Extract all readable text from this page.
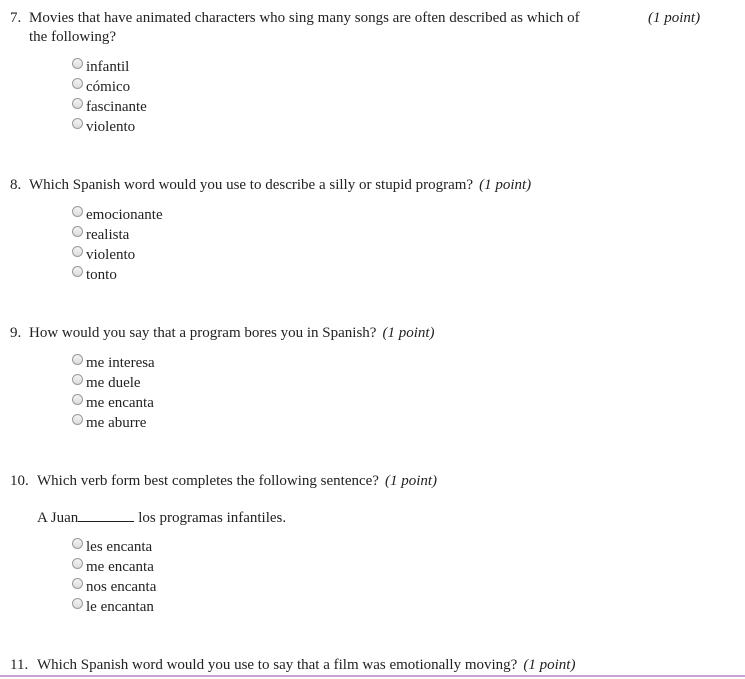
7. Movies that have animated characters who sing many songs are often described as which of
the following?
(1 point)
infantil
cómico
fascinante
violento
8. Which Spanish word would you use to describe a silly or stupid program? (1 point)
emocionante
realista
violento
tonto
9. How would you say that a program bores you in Spanish? (1 point)
me interesa
me duele
me encanta
me aburre
10. Which verb form best completes the following sentence? (1 point)
A Juan	los programas infantiles.
les encanta
me encanta
nos encanta
le encantan
11. Which Spanish word would you use to say that a film was emotionally moving? (1 point)
